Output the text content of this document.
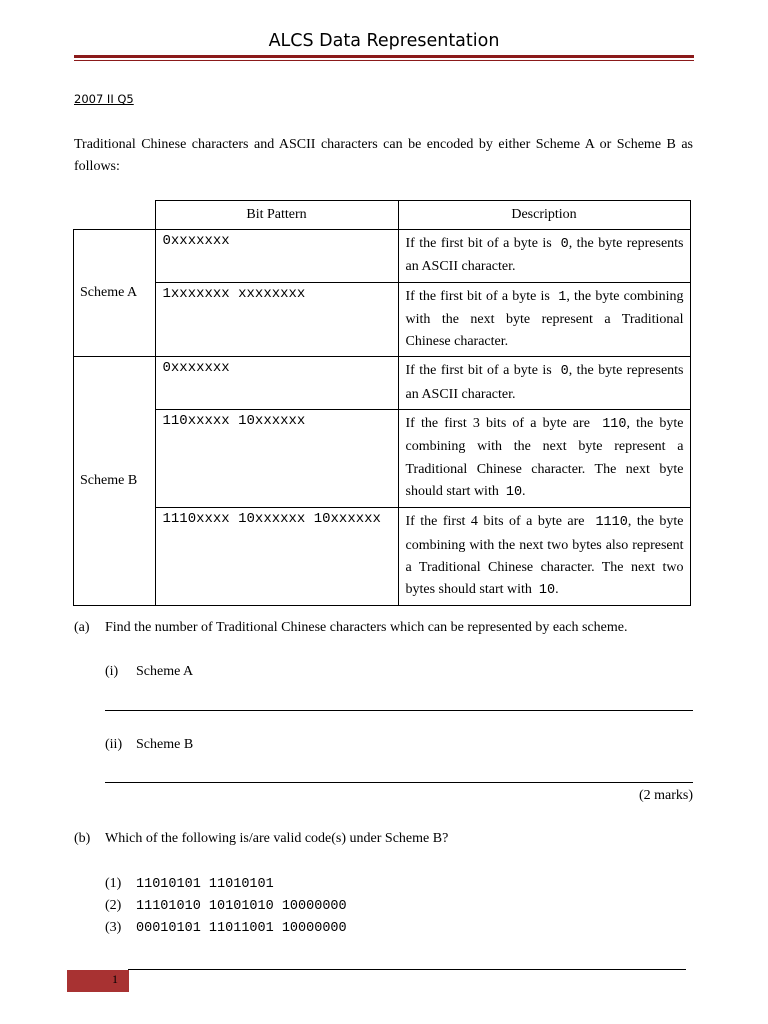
ALCS Data Representation
2007 II Q5
Traditional Chinese characters and ASCII characters can be encoded by either Scheme A or Scheme B as follows:
	Bit Pattern	Description
Scheme A	0xxxxxxx	If the first bit of a byte is 0, the byte represents an ASCII character.
	1xxxxxxx xxxxxxxx	If the first bit of a byte is 1, the byte combining with the next byte represent a Traditional Chinese character.
Scheme B	0xxxxxxx	If the first bit of a byte is 0, the byte represents an ASCII character.
	110xxxxx 10xxxxxx	If the first 3 bits of a byte are 110, the byte combining with the next byte represent a Traditional Chinese character. The next byte should start with 10.
	1110xxxx 10xxxxxx 10xxxxxx	If the first 4 bits of a byte are 1110, the byte combining with the next two bytes also represent a Traditional Chinese character. The next two bytes should start with 10.
(a) Find the number of Traditional Chinese characters which can be represented by each scheme.
(i) Scheme A
(ii) Scheme B
(2 marks)
(b) Which of the following is/are valid code(s) under Scheme B?
(1) 11010101 11010101
(2) 11101010 10101010 10000000
(3) 00010101 11011001 10000000
1
